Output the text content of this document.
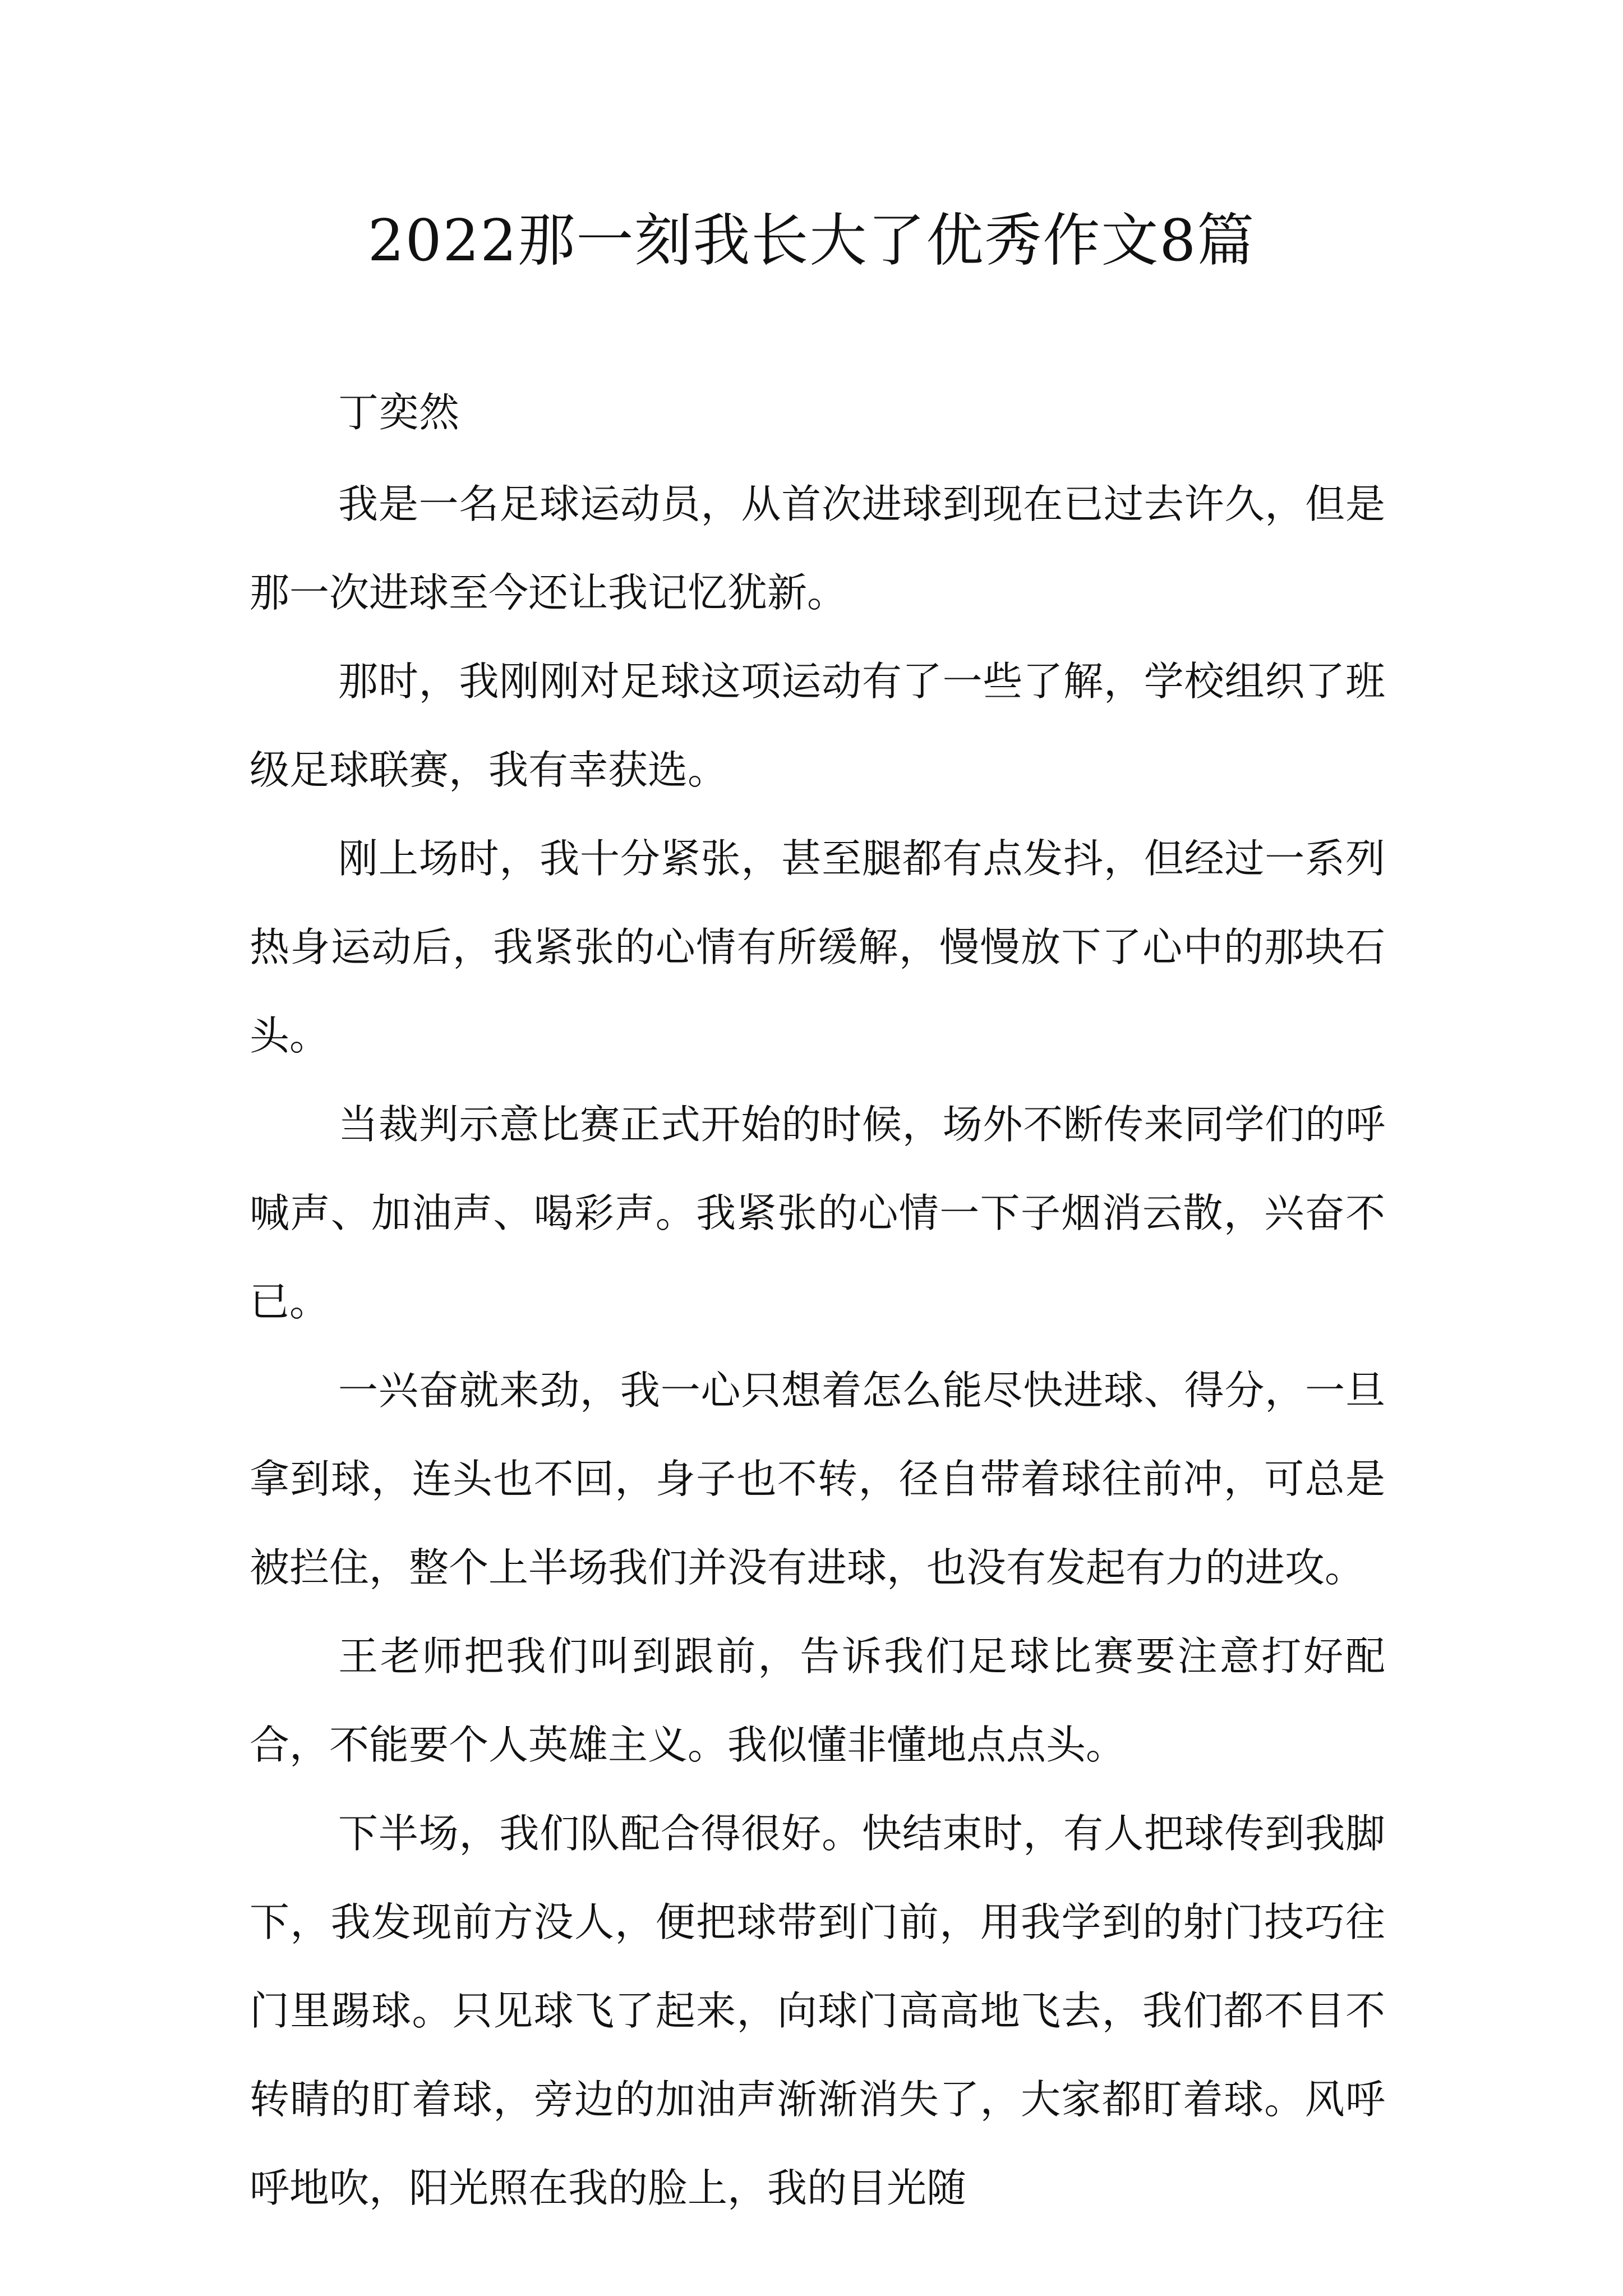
2022那一刻我长大了优秀作文8篇
丁奕然

我是一名足球运动员，从首次进球到现在已过去许久，但是那一次进球至今还让我记忆犹新。

那时，我刚刚对足球这项运动有了一些了解，学校组织了班级足球联赛，我有幸获选。

刚上场时，我十分紧张，甚至腿都有点发抖，但经过一系列热身运动后，我紧张的心情有所缓解，慢慢放下了心中的那块石头。

当裁判示意比赛正式开始的时候，场外不断传来同学们的呼喊声、加油声、喝彩声。我紧张的心情一下子烟消云散，兴奋不已。

一兴奋就来劲，我一心只想着怎么能尽快进球、得分，一旦拿到球，连头也不回，身子也不转，径自带着球往前冲，可总是被拦住，整个上半场我们并没有进球，也没有发起有力的进攻。

王老师把我们叫到跟前，告诉我们足球比赛要注意打好配合，不能要个人英雄主义。我似懂非懂地点点头。

下半场，我们队配合得很好。快结束时，有人把球传到我脚下，我发现前方没人，便把球带到门前，用我学到的射门技巧往门里踢球。只见球飞了起来，向球门高高地飞去，我们都不目不转睛的盯着球，旁边的加油声渐渐消失了，大家都盯着球。风呼呼地吹，阳光照在我的脸上，我的目光随
